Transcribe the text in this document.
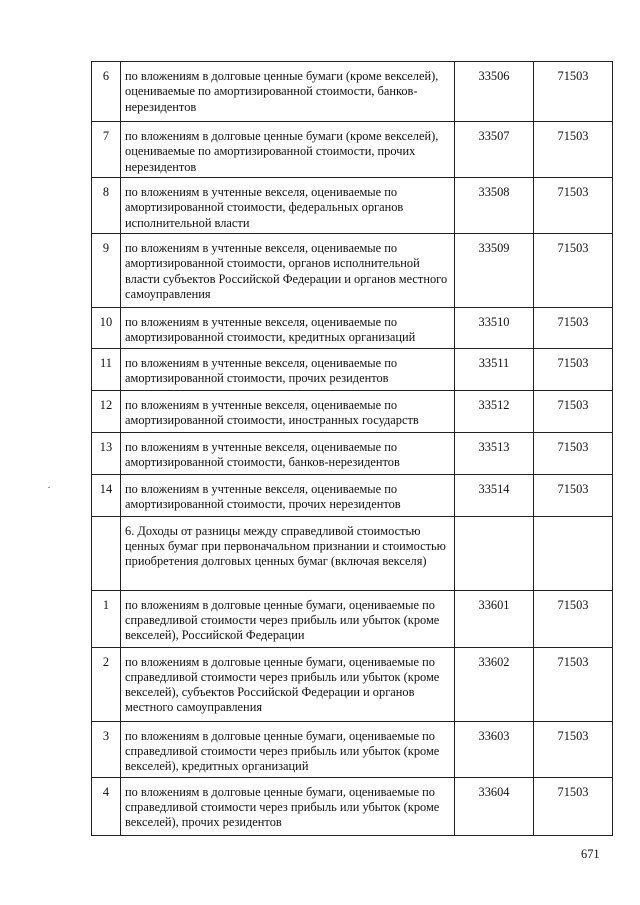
6	по вложениям в долговые ценные бумаги (кроме векселей), оцениваемые по амортизированной стоимости, банков-нерезидентов	33506	71503

7	по вложениям в долговые ценные бумаги (кроме векселей), оцениваемые по амортизированной стоимости, прочих нерезидентов	33507	71503

8	по вложениям в учтенные векселя, оцениваемые по амортизированной стоимости, федеральных органов исполнительной власти	33508	71503

9	по вложениям в учтенные векселя, оцениваемые по амортизированной стоимости, органов исполнительной власти субъектов Российской Федерации и органов местного самоуправления	33509	71503

10	по вложениям в учтенные векселя, оцениваемые по амортизированной стоимости, кредитных организаций	33510	71503

11	по вложениям в учтенные векселя, оцениваемые по амортизированной стоимости, прочих резидентов	33511	71503

12	по вложениям в учтенные векселя, оцениваемые по амортизированной стоимости, иностранных государств	33512	71503

13	по вложениям в учтенные векселя, оцениваемые по амортизированной стоимости, банков-нерезидентов	33513	71503

14	по вложениям в учтенные векселя, оцениваемые по амортизированной стоимости, прочих нерезидентов	33514	71503

	6. Доходы от разницы между справедливой стоимостью ценных бумаг при первоначальном признании и стоимостью приобретения долговых ценных бумаг (включая векселя)		

1	по вложениям в долговые ценные бумаги, оцениваемые по справедливой стоимости через прибыль или убыток (кроме векселей), Российской Федерации	33601	71503

2	по вложениям в долговые ценные бумаги, оцениваемые по справедливой стоимости через прибыль или убыток (кроме векселей), субъектов Российской Федерации и органов местного самоуправления	33602	71503

3	по вложениям в долговые ценные бумаги, оцениваемые по справедливой стоимости через прибыль или убыток (кроме векселей), кредитных организаций	33603	71503

4	по вложениям в долговые ценные бумаги, оцениваемые по справедливой стоимости через прибыль или убыток (кроме векселей), прочих резидентов	33604	71503
671
